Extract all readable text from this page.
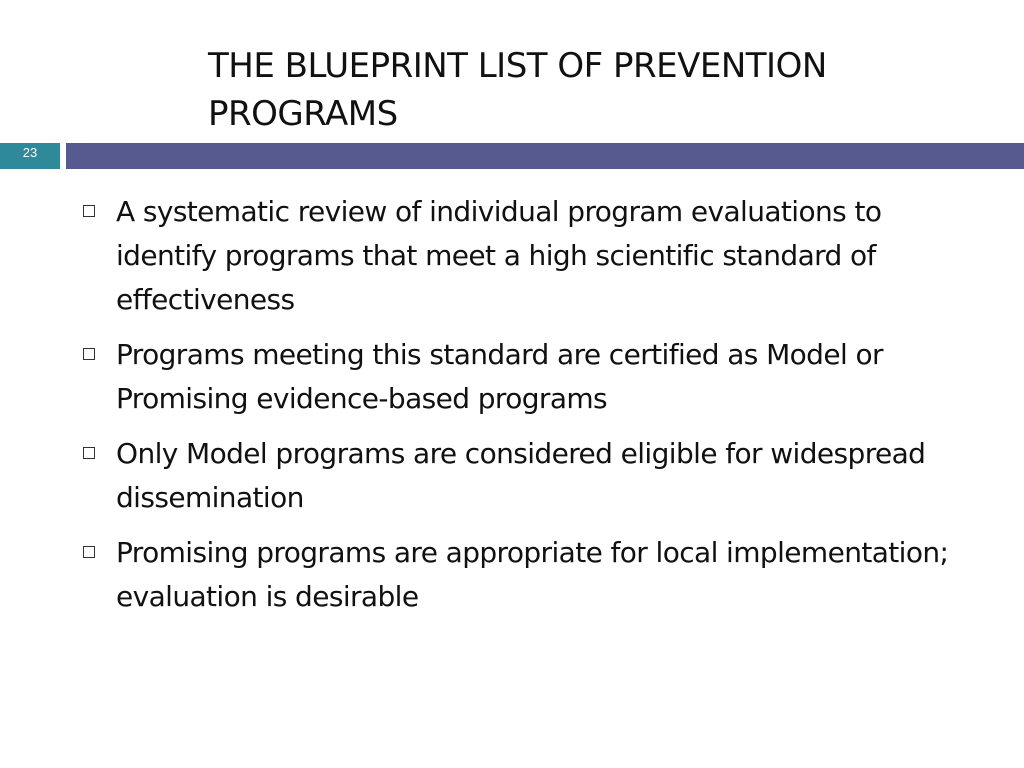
THE BLUEPRINT LIST OF PREVENTION
PROGRAMS
23
A systematic review of individual program evaluations to identify programs that meet a high scientific standard of effectiveness
Programs meeting this standard are certified as Model or Promising evidence-based programs
Only Model programs are considered eligible for widespread dissemination
Promising programs are appropriate for local implementation; evaluation is desirable
